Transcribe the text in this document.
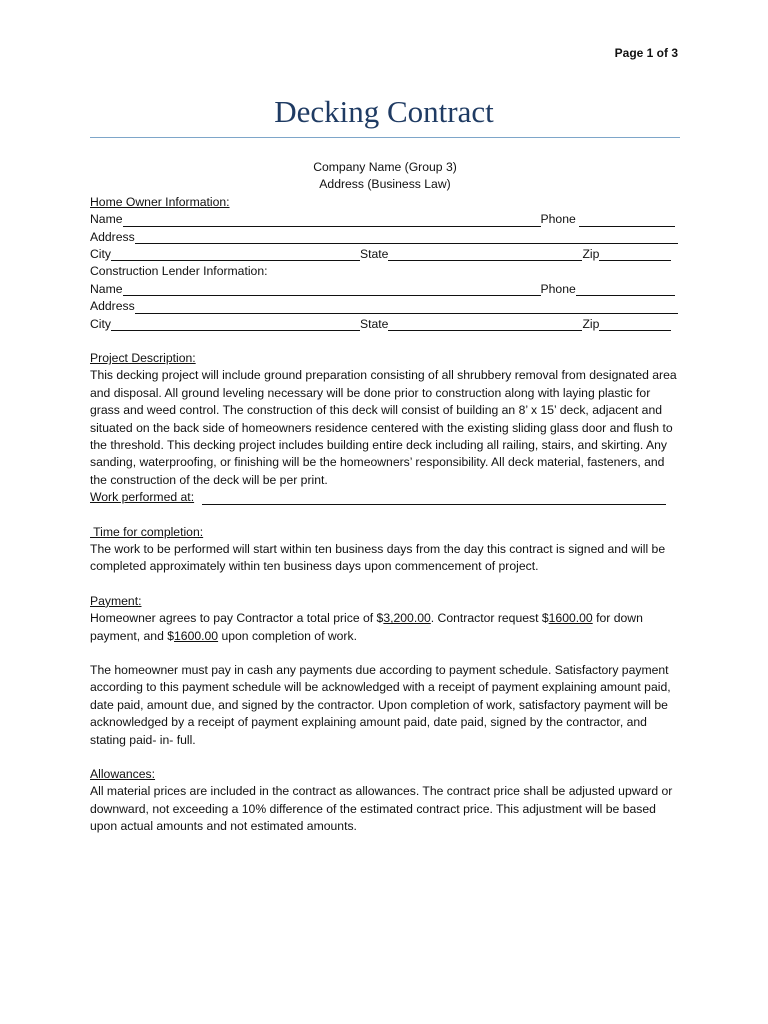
Page 1 of 3
Decking Contract

Company Name (Group 3)

Address (Business Law)

Home Owner Information:

Name	Phone
Address
City	State	Zip

Construction Lender Information:

Name	Phone
Address
City	State	Zip

Project Description:

This decking project will include ground preparation consisting of all shrubbery removal from designated area and disposal. All ground leveling necessary will be done prior to construction along with laying plastic for grass and weed control. The construction of this deck will consist of building an 8’ x 15’ deck, adjacent and situated on the back side of homeowners residence centered with the existing sliding glass door and flush to the threshold. This decking project includes building entire deck including all railing, stairs, and skirting. Any sanding, waterproofing, or finishing will be the homeowners’ responsibility. All deck material, fasteners, and the construction of the deck will be per print.

Work performed at:

Time for completion:

The work to be performed will start within ten business days from the day this contract is signed and will be completed approximately within ten business days upon commencement of project.

Payment:

Homeowner agrees to pay Contractor a total price of $3,200.00. Contractor request $1600.00 for down payment, and $1600.00 upon completion of work.

The homeowner must pay in cash any payments due according to payment schedule. Satisfactory payment according to this payment schedule will be acknowledged with a receipt of payment explaining amount paid, date paid, amount due, and signed by the contractor. Upon completion of work, satisfactory payment will be acknowledged by a receipt of payment explaining amount paid, date paid, signed by the contractor, and stating paid- in- full.

Allowances:

All material prices are included in the contract as allowances. The contract price shall be adjusted upward or downward, not exceeding a 10% difference of the estimated contract price. This adjustment will be based upon actual amounts and not estimated amounts.
